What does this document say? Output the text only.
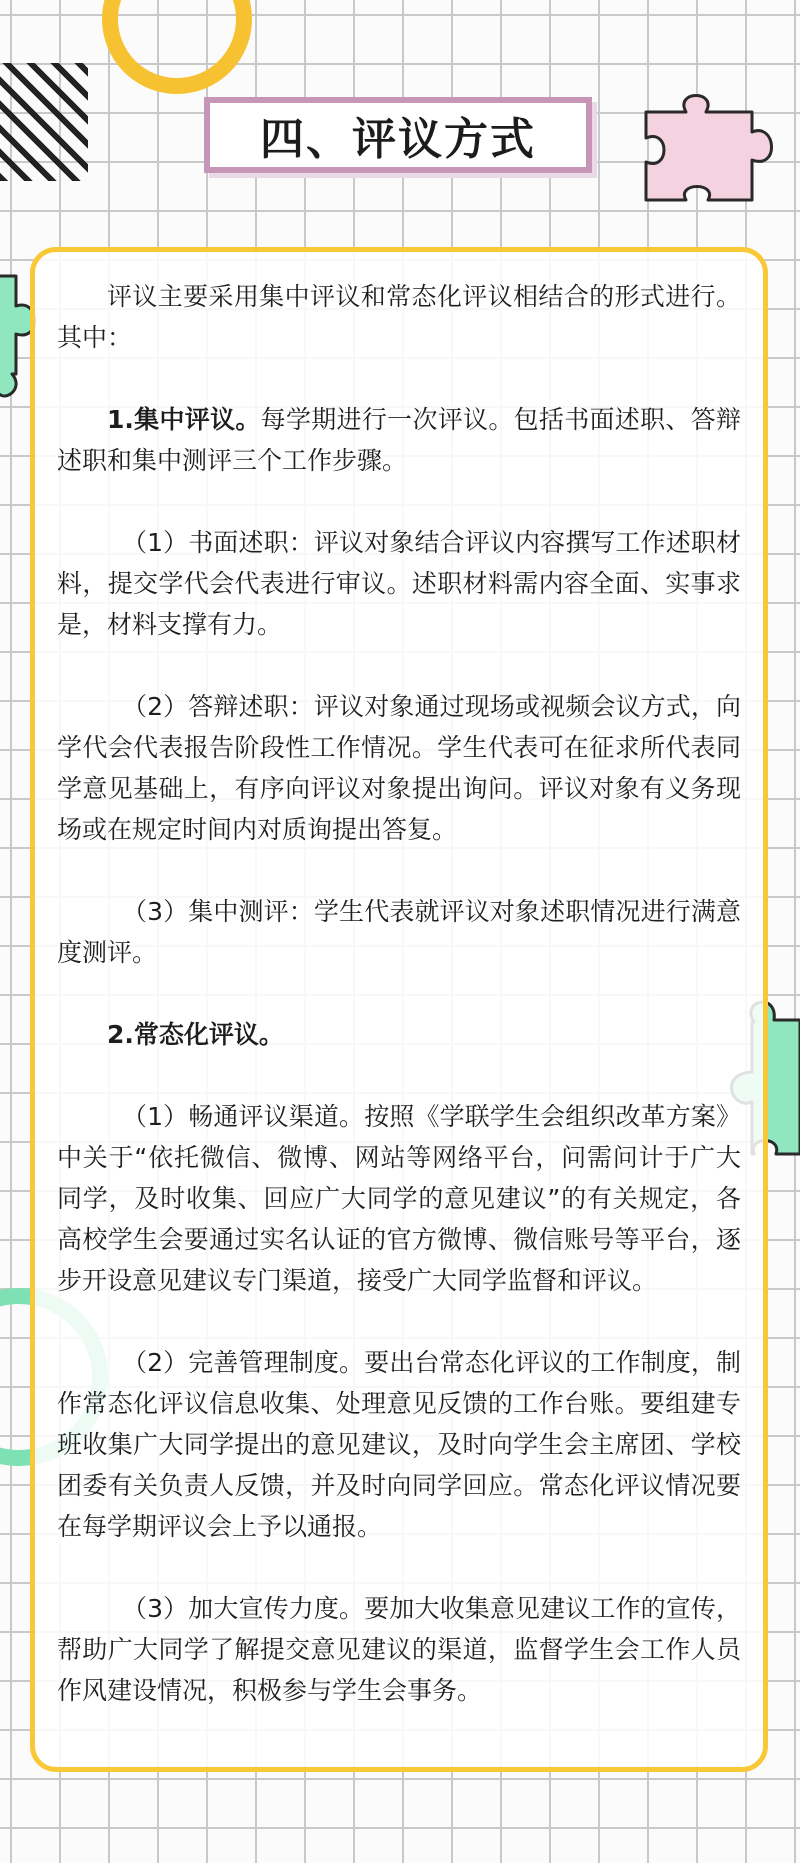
四、评议方式

评议主要采用集中评议和常态化评议相结合的形式进行。其中：

1.集中评议。每学期进行一次评议。包括书面述职、答辩述职和集中测评三个工作步骤。

（1）书面述职：评议对象结合评议内容撰写工作述职材料，提交学代会代表进行审议。述职材料需内容全面、实事求是，材料支撑有力。

（2）答辩述职：评议对象通过现场或视频会议方式，向学代会代表报告阶段性工作情况。学生代表可在征求所代表同学意见基础上，有序向评议对象提出询问。评议对象有义务现场或在规定时间内对质询提出答复。

（3）集中测评：学生代表就评议对象述职情况进行满意度测评。

2.常态化评议。

（1）畅通评议渠道。按照《学联学生会组织改革方案》中关于“依托微信、微博、网站等网络平台，问需问计于广大同学，及时收集、回应广大同学的意见建议”的有关规定，各高校学生会要通过实名认证的官方微博、微信账号等平台，逐步开设意见建议专门渠道，接受广大同学监督和评议。

（2）完善管理制度。要出台常态化评议的工作制度，制作常态化评议信息收集、处理意见反馈的工作台账。要组建专班收集广大同学提出的意见建议，及时向学生会主席团、学校团委有关负责人反馈，并及时向同学回应。常态化评议情况要在每学期评议会上予以通报。

（3）加大宣传力度。要加大收集意见建议工作的宣传，帮助广大同学了解提交意见建议的渠道，监督学生会工作人员作风建设情况，积极参与学生会事务。
